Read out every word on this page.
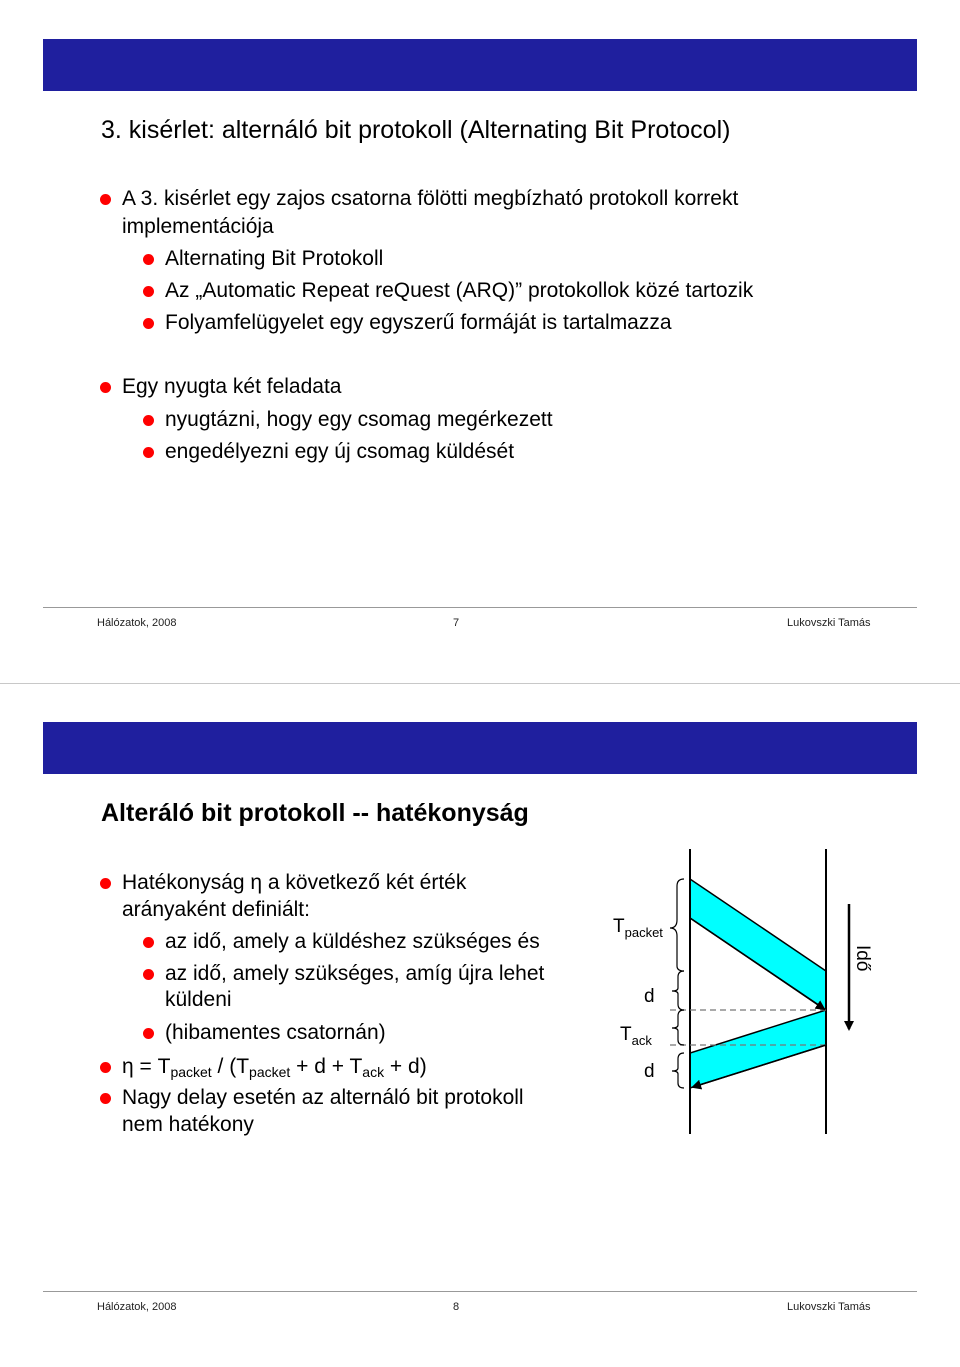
3. kisérlet: alternáló bit protokoll (Alternating Bit Protocol)
A 3. kisérlet egy zajos csatorna fölötti megbízható protokoll korrekt
implementációja
Alternating Bit Protokoll
Az „Automatic Repeat reQuest (ARQ)” protokollok közé tartozik
Folyamfelügyelet egy egyszerű formáját is tartalmazza
Egy nyugta két feladata
nyugtázni, hogy egy csomag megérkezett
engedélyezni egy új csomag küldését
Hálózatok, 2008	7	Lukovszki Tamás
Alteráló bit protokoll -- hatékonyság
Hatékonyság η a következő két érték
arányaként definiált:
az idő, amely a küldéshez szükséges és
az idő, amely szükséges, amíg újra lehet
küldeni
(hibamentes csatornán)
$\eta = T_{packet} / (T_{packet} + d + T_{ack} + d)$
Nagy delay esetén az alternáló bit protokoll
nem hatékony
$T_{packet}$
d
$T_{ack}$
d
Idő
Hálózatok, 2008	8	Lukovszki Tamás
